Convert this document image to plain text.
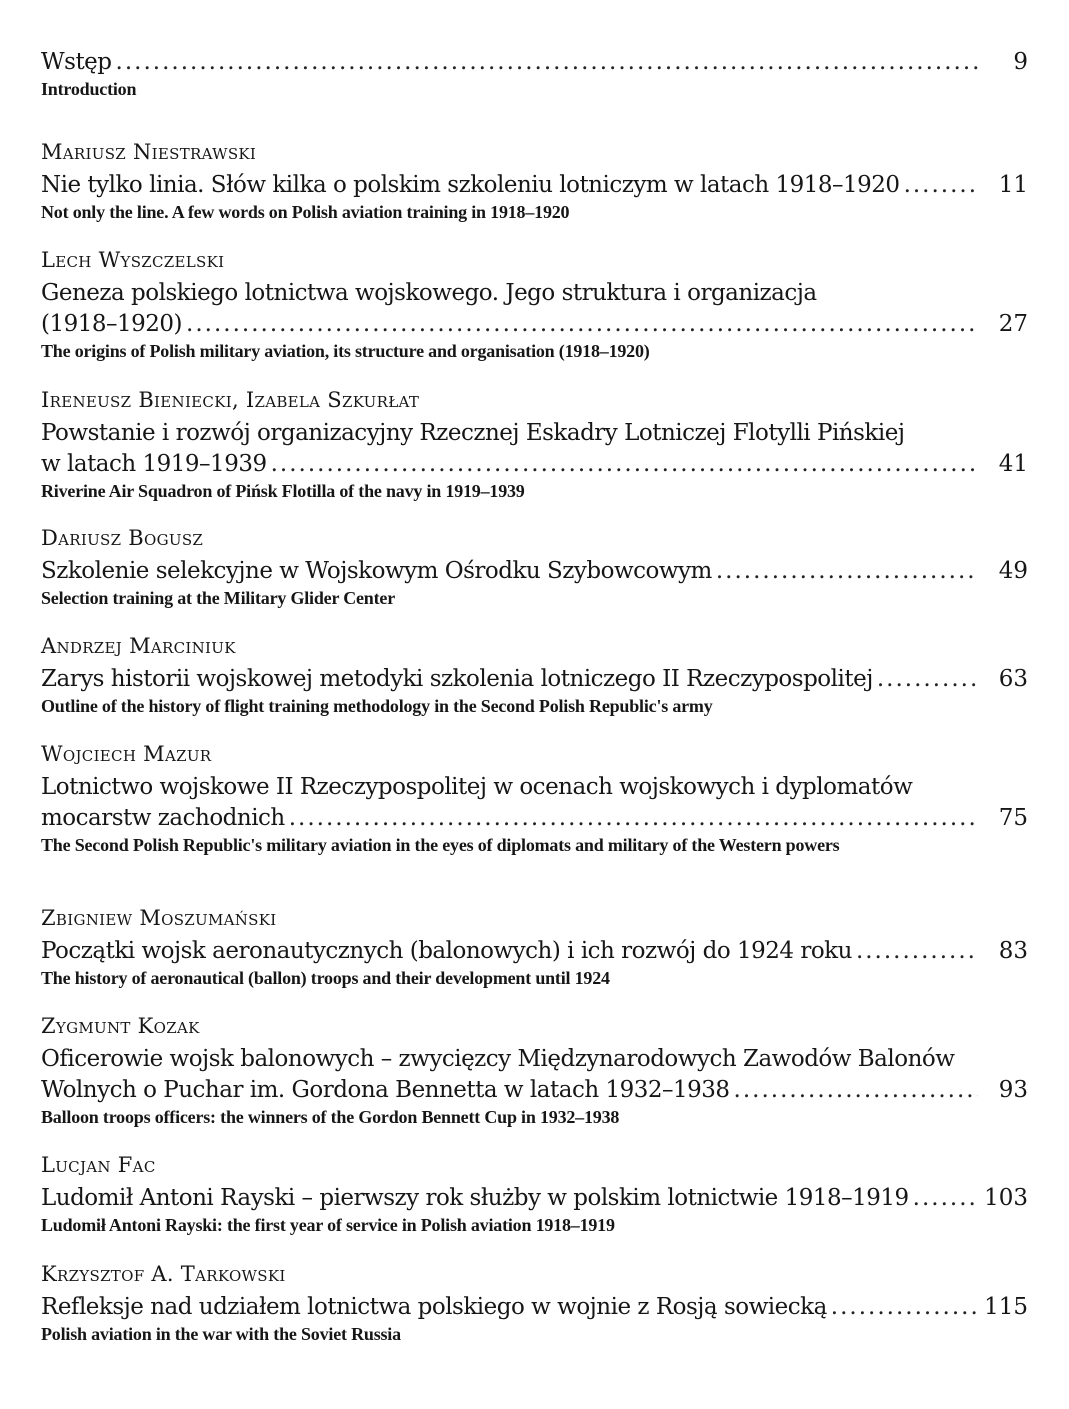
Wstęp .....	9
Introduction
Mariusz Niestrawski
Nie tylko linia. Słów kilka o polskim szkoleniu lotniczym w latach 1918–1920 .....	11
Not only the line. A few words on Polish aviation training in 1918–1920
Lech Wyszczelski
Geneza polskiego lotnictwa wojskowego. Jego struktura i organizacja
(1918–1920) .....	27
The origins of Polish military aviation, its structure and organisation (1918–1920)
Ireneusz Bieniecki, Izabela Szkurłat
Powstanie i rozwój organizacyjny Rzecznej Eskadry Lotniczej Flotylli Pińskiej
w latach 1919–1939 .....	41
Riverine Air Squadron of Pińsk Flotilla of the navy in 1919–1939
Dariusz Bogusz
Szkolenie selekcyjne w Wojskowym Ośrodku Szybowcowym .....	49
Selection training at the Military Glider Center
Andrzej Marciniuk
Zarys historii wojskowej metodyki szkolenia lotniczego II Rzeczypospolitej .....	63
Outline of the history of flight training methodology in the Second Polish Republic's army
Wojciech Mazur
Lotnictwo wojskowe II Rzeczypospolitej w ocenach wojskowych i dyplomatów
mocarstw zachodnich .....	75
The Second Polish Republic's military aviation in the eyes of diplomats and military of the Western powers
Zbigniew Moszumański
Początki wojsk aeronautycznych (balonowych) i ich rozwój do 1924 roku .....	83
The history of aeronautical (ballon) troops and their development until 1924
Zygmunt Kozak
Oficerowie wojsk balonowych – zwycięzcy Międzynarodowych Zawodów Balonów
Wolnych o Puchar im. Gordona Bennetta w latach 1932–1938 .....	93
Balloon troops officers: the winners of the Gordon Bennett Cup in 1932–1938
Lucjan Fac
Ludomił Antoni Rayski – pierwszy rok służby w polskim lotnictwie 1918–1919 .....	103
Ludomił Antoni Rayski: the first year of service in Polish aviation 1918–1919
Krzysztof A. Tarkowski
Refleksje nad udziałem lotnictwa polskiego w wojnie z Rosją sowiecką .....	115
Polish aviation in the war with the Soviet Russia
